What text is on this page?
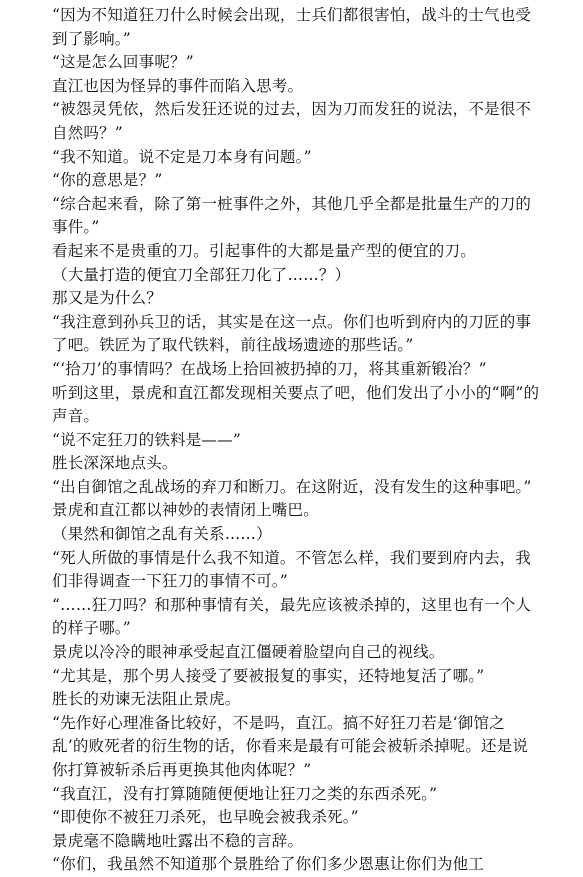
“因为不知道狂刀什么时候会出现，士兵们都很害怕，战斗的士气也受到了影响。”

“这是怎么回事呢？”

直江也因为怪异的事件而陷入思考。

“被怨灵凭依，然后发狂还说的过去，因为刀而发狂的说法，不是很不自然吗？”

“我不知道。说不定是刀本身有问题。”

“你的意思是？”

“综合起来看，除了第一桩事件之外，其他几乎全都是批量生产的刀的事件。”

看起来不是贵重的刀。引起事件的大都是量产型的便宜的刀。

（大量打造的便宜刀全部狂刀化了……？）

那又是为什么？

“我注意到孙兵卫的话，其实是在这一点。你们也听到府内的刀匠的事了吧。铁匠为了取代铁料，前往战场遗迹的那些话。”

“‘拾刀’的事情吗？在战场上拾回被扔掉的刀，将其重新锻冶？”

听到这里，景虎和直江都发现相关要点了吧，他们发出了小小的“啊”的声音。

“说不定狂刀的铁料是——”

胜长深深地点头。

“出自御馆之乱战场的弃刀和断刀。在这附近，没有发生的这种事吧。”

景虎和直江都以神妙的表情闭上嘴巴。

（果然和御馆之乱有关系……）

“死人所做的事情是什么我不知道。不管怎么样，我们要到府内去，我们非得调查一下狂刀的事情不可。”

“……狂刀吗？和那种事情有关，最先应该被杀掉的，这里也有一个人的样子哪。”

景虎以冷冷的眼神承受起直江僵硬着脸望向自己的视线。

“尤其是，那个男人接受了要被报复的事实，还特地复活了哪。”

胜长的劝谏无法阻止景虎。

“先作好心理准备比较好，不是吗，直江。搞不好狂刀若是‘御馆之乱’的败死者的衍生物的话，你看来是最有可能会被斩杀掉呢。还是说你打算被斩杀后再更换其他肉体呢？”

“我直江，没有打算随随便便地让狂刀之类的东西杀死。”

“即使你不被狂刀杀死，也早晚会被我杀死。”

景虎毫不隐瞒地吐露出不稳的言辞。

“你们，我虽然不知道那个景胜给了你们多少恩惠让你们为他工
